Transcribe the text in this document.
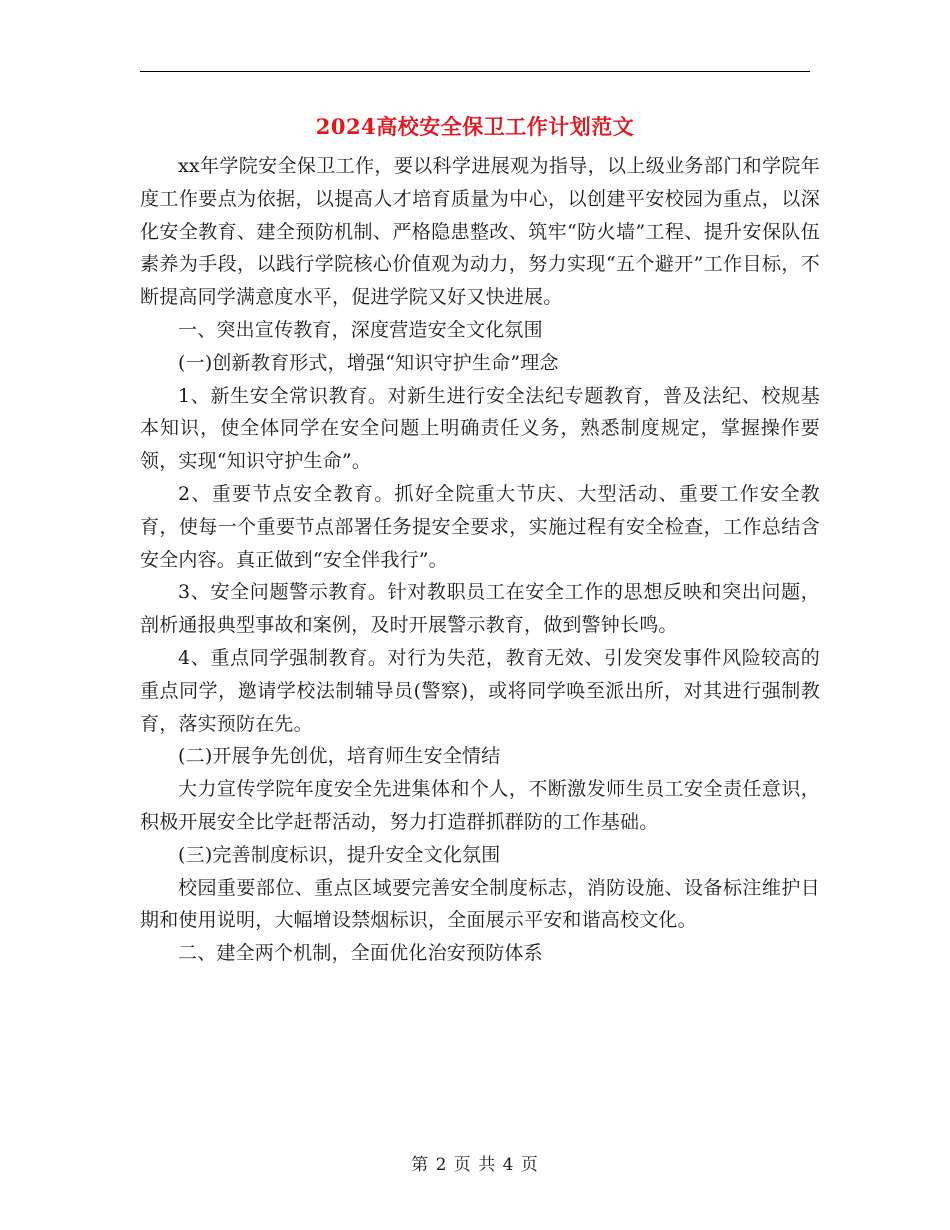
2024高校安全保卫工作计划范文

xx年学院安全保卫工作，要以科学进展观为指导，以上级业务部门和学院年度工作要点为依据，以提高人才培育质量为中心，以创建平安校园为重点，以深化安全教育、建全预防机制、严格隐患整改、筑牢“防火墙”工程、提升安保队伍素养为手段，以践行学院核心价值观为动力，努力实现“五个避开”工作目标，不断提高同学满意度水平，促进学院又好又快进展。

一、突出宣传教育，深度营造安全文化氛围

(一)创新教育形式，增强“知识守护生命”理念

1、新生安全常识教育。对新生进行安全法纪专题教育，普及法纪、校规基本知识，使全体同学在安全问题上明确责任义务，熟悉制度规定，掌握操作要领，实现“知识守护生命”。

2、重要节点安全教育。抓好全院重大节庆、大型活动、重要工作安全教育，使每一个重要节点部署任务提安全要求，实施过程有安全检查，工作总结含安全内容。真正做到“安全伴我行”。

3、安全问题警示教育。针对教职员工在安全工作的思想反映和突出问题，剖析通报典型事故和案例，及时开展警示教育，做到警钟长鸣。

4、重点同学强制教育。对行为失范，教育无效、引发突发事件风险较高的重点同学，邀请学校法制辅导员(警察)，或将同学唤至派出所，对其进行强制教育，落实预防在先。

(二)开展争先创优，培育师生安全情结

大力宣传学院年度安全先进集体和个人，不断激发师生员工安全责任意识，积极开展安全比学赶帮活动，努力打造群抓群防的工作基础。

(三)完善制度标识，提升安全文化氛围

校园重要部位、重点区域要完善安全制度标志，消防设施、设备标注维护日期和使用说明，大幅增设禁烟标识，全面展示平安和谐高校文化。

二、建全两个机制，全面优化治安预防体系

第 2 页 共 4 页
